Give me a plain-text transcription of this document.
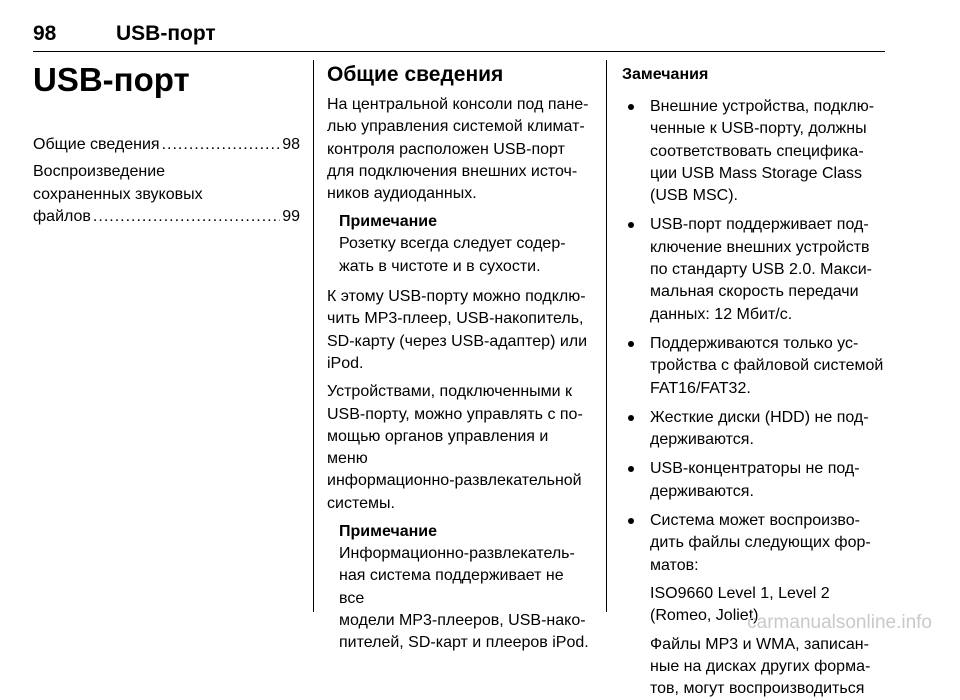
98	USB-порт
USB-порт
Общие сведения .....	98
Воспроизведение
сохраненных звуковых
файлов .....	99
Общие сведения

На центральной консоли под пане-

лью управления системой климат-

контроля расположен USB-порт

для подключения внешних источ-

ников аудиоданных.

Примечание

Розетку всегда следует содер-

жать в чистоте и в сухости.

К этому USB-порту можно подклю-

чить MP3-плеер, USB-накопитель,

SD-карту (через USB-адаптер) или

iPod.

Устройствами, подключенными к

USB-порту, можно управлять с по-

мощью органов управления и меню

информационно-развлекательной

системы.

Примечание

Информационно-развлекатель-

ная система поддерживает не все

модели MP3-плееров, USB-нако-

пителей, SD-карт и плееров iPod.

Замечания
Внешние устройства, подклю-
ченные к USB-порту, должны
соответствовать специфика-
ции USB Mass Storage Class
(USB MSC).
USB-порт поддерживает под-
ключение внешних устройств
по стандарту USB 2.0. Макси-
мальная скорость передачи
данных: 12 Мбит/с.
Поддерживаются только ус-
тройства с файловой системой
FAT16/FAT32.
Жесткие диски (HDD) не под-
держиваются.
USB-концентраторы не под-
держиваются.
Система может воспроизво-
дить файлы следующих фор-
матов:
ISO9660 Level 1, Level 2
(Romeo, Joliet)
Файлы MP3 и WMA, записан-
ные на дисках других форма-
тов, могут воспроизводиться
carmanualsonline.info
